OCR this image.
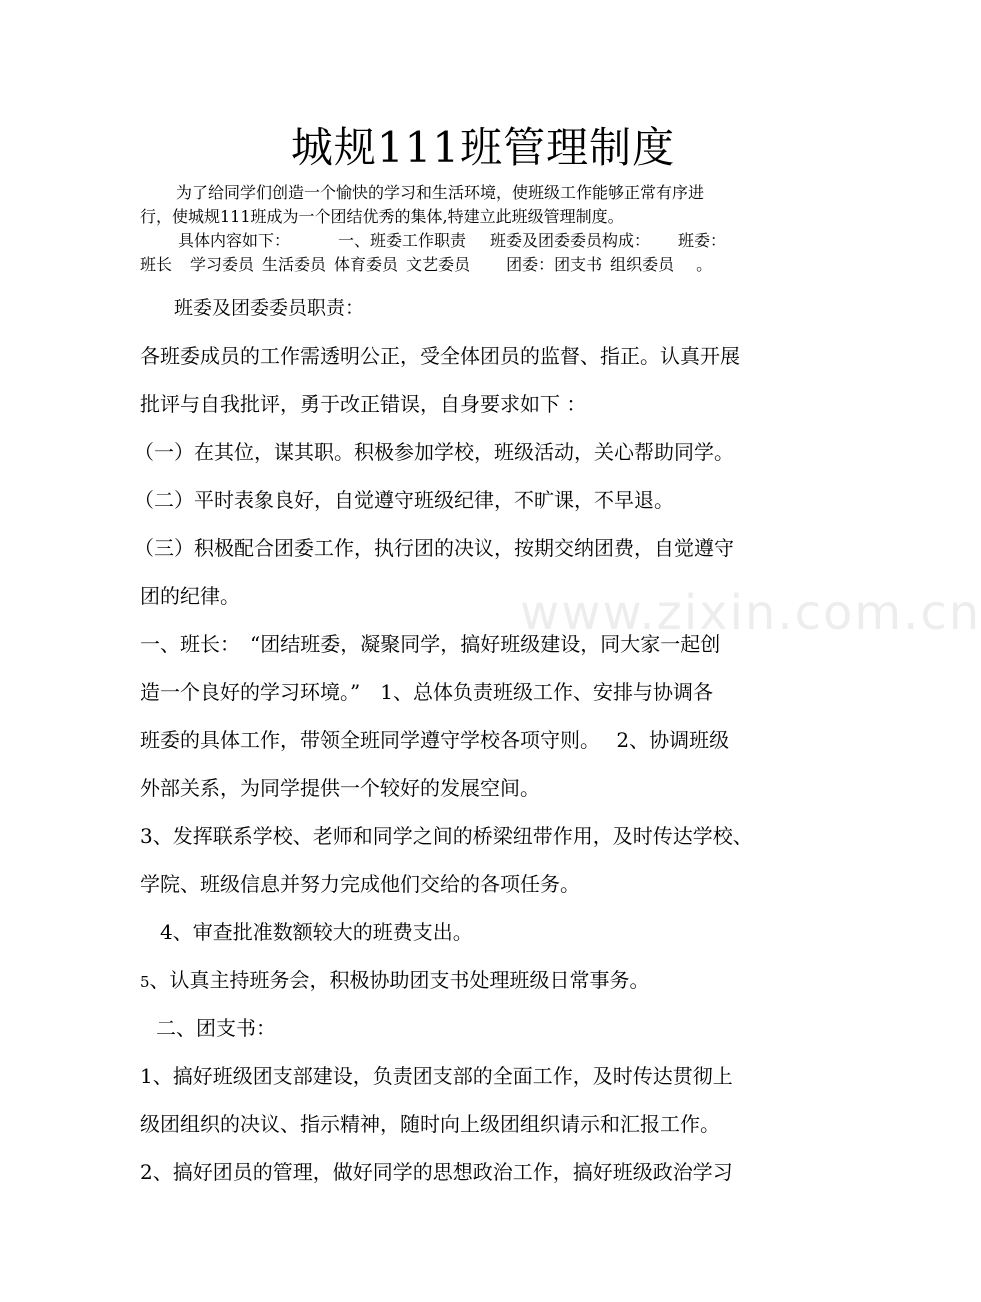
城规111班管理制度
为了给同学们创造一个愉快的学习和生活环境，使班级工作能够正常有序进
行，使城规111班成为一个团结优秀的集体,特建立此班级管理制度。
具体内容如下：	一、班委工作职责 班委及团委委员构成： 班委：
班长 学习委员 生活委员 体育委员 文艺委员 团委：团支书 组织委员 。
班委及团委委员职责：
各班委成员的工作需透明公正，受全体团员的监督、指正。认真开展
批评与自我批评，勇于改正错误，自身要求如下 ：
（一）在其位，谋其职。积极参加学校，班级活动，关心帮助同学。
（二）平时表象良好，自觉遵守班级纪律，不旷课，不早退。
（三）积极配合团委工作，执行团的决议，按期交纳团费，自觉遵守
团的纪律。
一、班长：　“团结班委，凝聚同学，搞好班级建设，同大家一起创
造一个良好的学习环境。”　1、总体负责班级工作、安排与协调各
班委的具体工作，带领全班同学遵守学校各项守则。　 2、协调班级
外部关系，为同学提供一个较好的发展空间。
3、发挥联系学校、老师和同学之间的桥梁纽带作用，及时传达学校、
学院、班级信息并努力完成他们交给的各项任务。
4、审查批准数额较大的班费支出。
5、认真主持班务会，积极协助团支书处理班级日常事务。
二、团支书：
1、搞好班级团支部建设，负责团支部的全面工作，及时传达贯彻上
级团组织的决议、指示精神，随时向上级团组织请示和汇报工作。
2、搞好团员的管理，做好同学的思想政治工作，搞好班级政治学习
www.zixin.com.cn
